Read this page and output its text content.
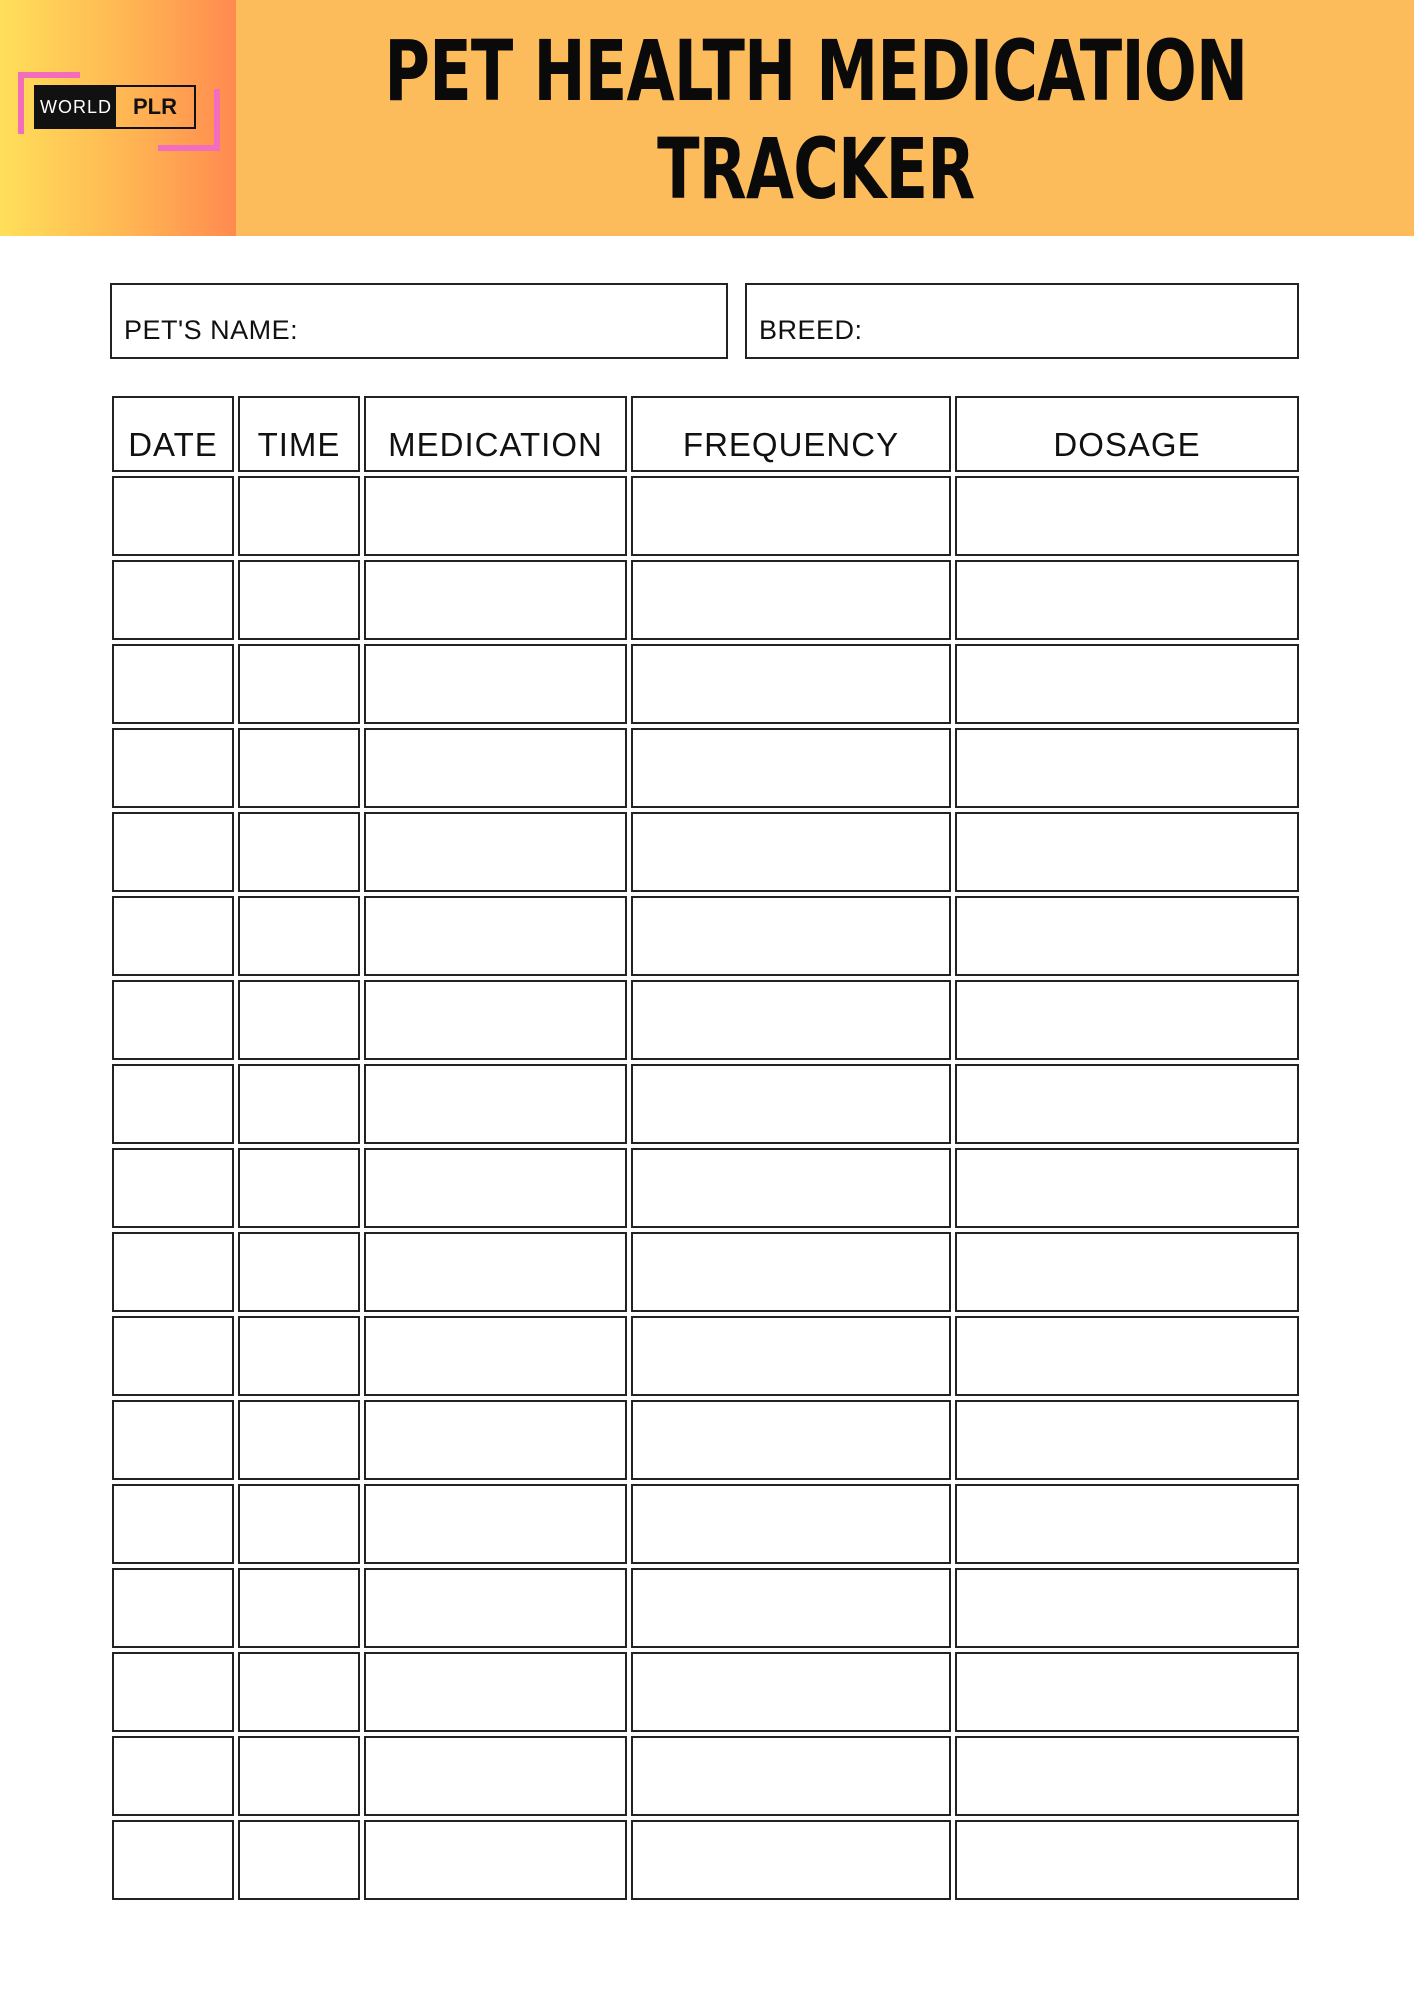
WORLD PLR PET HEALTH MEDICATION
TRACKER
PET'S NAME:	BREED:
DATE	TIME	MEDICATION	FREQUENCY	DOSAGE
